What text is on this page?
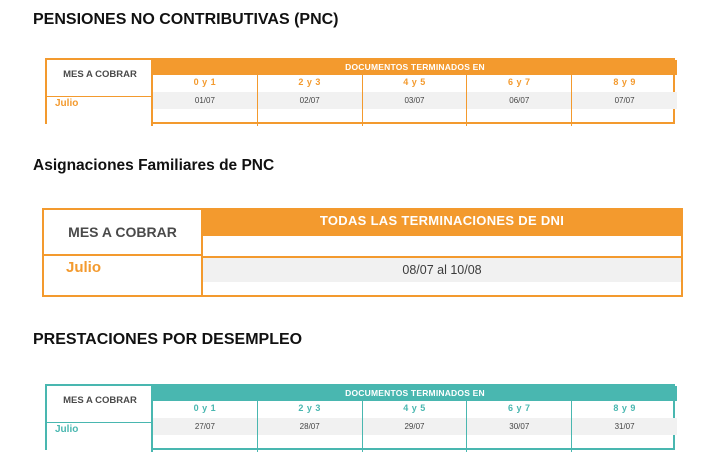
PENSIONES NO CONTRIBUTIVAS (PNC)
MES A COBRAR
Julio
DOCUMENTOS TERMINADOS EN
0 y 1
01/07
2 y 3
02/07
4 y 5
03/07
6 y 7
06/07
8 y 9
07/07
Asignaciones Familiares de PNC
MES A COBRAR
Julio
TODAS LAS TERMINACIONES DE DNI
08/07 al 10/08
PRESTACIONES POR DESEMPLEO
MES A COBRAR
Julio
DOCUMENTOS TERMINADOS EN
0 y 1
27/07
2 y 3
28/07
4 y 5
29/07
6 y 7
30/07
8 y 9
31/07
